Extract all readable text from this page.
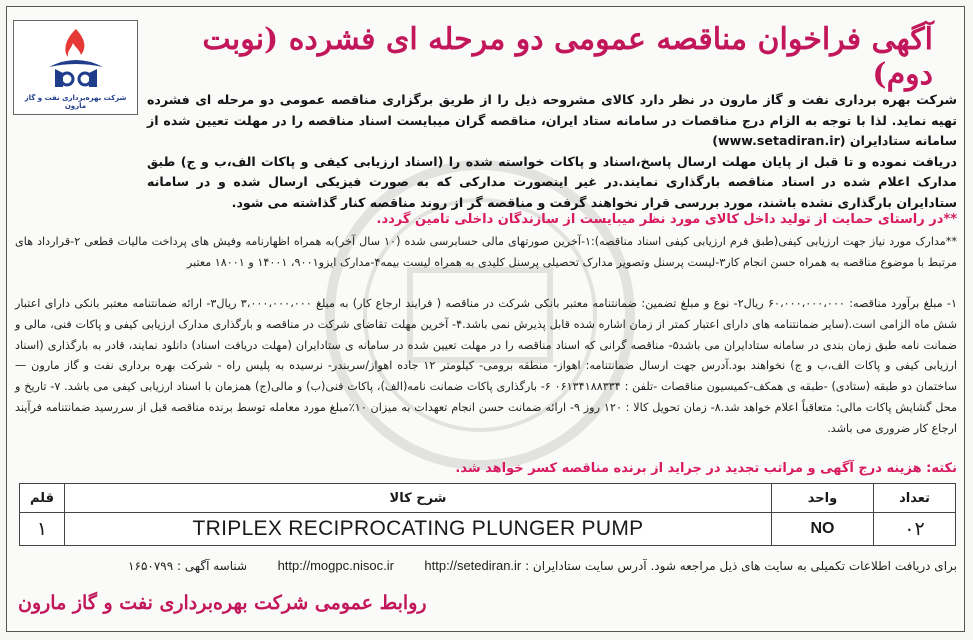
شرکت بهره‌برداری نفت و گاز مارون
آگهی فراخوان مناقصه عمومی دو مرحله ای فشرده (نوبت دوم)
شرکت بهره برداری نفت و گاز مارون در نظر دارد کالای مشروحه ذیل را از طریق برگزاری مناقصه عمومی دو مرحله ای فشرده تهیه نماید. لذا با توجه به الزام درج مناقصات در سامانه ستاد ایران، مناقصه گران میبایست اسناد مناقصه را در مهلت تعیین شده از سامانه ستادایران (www.setadiran.ir)
دریافت نموده و تا قبل از پایان مهلت ارسال پاسخ،اسناد و پاکات خواسته شده را (اسناد ارزیابی کیفی و پاکات الف،ب و ج) طبق مدارک اعلام شده در اسناد مناقصه بارگذاری نمایند.در غیر اینصورت مدارکی که به صورت فیزیکی ارسال شده و در سامانه ستادایران بارگذاری نشده باشند، مورد بررسی قرار نخواهند گرفت و مناقصه گر از روند مناقصه کنار گذاشته می شود.
**در راستای حمایت از تولید داخل کالای مورد نظر میبایست از سازندگان داخلی تامین گردد.
**مدارک مورد نیاز جهت ارزیابی کیفی(طبق فرم ارزیابی کیفی اسناد مناقصه):۱-آخرین صورتهای مالی حسابرسی شده (۱۰ سال آخر)به همراه اظهارنامه وفیش های پرداخت مالیات قطعی ۲-قرارداد های مرتبط با موضوع مناقصه به همراه حسن انجام کار۳-لیست پرسنل وتصویر مدارک تحصیلی پرسنل کلیدی به همراه لیست بیمه۴-مدارک ایزو۹۰۰۱، ۱۴۰۰۱ و ۱۸۰۰۱ معتبر
۱- مبلغ برآورد مناقصه: ۶۰،۰۰۰،۰۰۰،۰۰۰ ریال۲- نوع و مبلغ تضمین: ضمانتنامه معتبر بانکی شرکت در مناقصه ( فرایند ارجاع کار) به مبلغ ۳،۰۰۰،۰۰۰،۰۰۰ ریال۳- ارائه ضمانتنامه معتبر بانکی دارای اعتبار شش ماه الزامی است.(سایر ضمانتنامه های دارای اعتبار کمتر از زمان اشاره شده قابل پذیرش نمی باشد.۴- آخرین مهلت تقاضای شرکت در مناقصه و بارگذاری مدارک ارزیابی کیفی و پاکات فنی، مالی و ضمانت نامه طبق زمان بندی در سامانه ستادایران می باشد۵- مناقصه گرانی که اسناد مناقصه را در مهلت تعیین شده در سامانه ی ستادایران (مهلت دریافت اسناد) دانلود نمایند، قادر به بارگذاری (اسناد ارزیابی کیفی و پاکات الف،ب و ج) نخواهند بود.آدرس جهت ارسال ضمانتنامه: اهواز- منطقه برومی- کیلومتر ۱۲ جاده اهواز/سربندر- نرسیده به پلیس راه - شرکت بهره برداری نفت و گاز مارون — ساختمان دو طبقه (ستادی) -طبقه ی همکف-کمیسیون مناقصات -تلفن : ۰۶۱۳۴۱۸۸۳۳۴ ۶- بارگذاری پاکات ضمانت نامه(الف)، پاکات فنی(ب) و مالی(ج) همزمان با اسناد ارزیابی کیفی می باشد. ۷- تاریخ و محل گشایش پاکات مالی: متعاقباً اعلام خواهد شد.۸- زمان تحویل کالا : ۱۲۰ روز ۹- ارائه ضمانت حسن انجام تعهدات به میزان ۱۰٪مبلغ مورد معامله توسط برنده مناقصه قبل از سررسید ضمانتنامه فرآیند ارجاع کار ضروری می باشد.
نکته: هزینه درج آگهی و مراتب تجدید در جراید از برنده مناقصه کسر خواهد شد.
تعداد	واحد	شرح کالا	قلم
۰۲	NO	TRIPLEX RECIPROCATING PLUNGER PUMP	۱
برای دریافت اطلاعات تکمیلی به سایت های ذیل مراجعه شود. آدرس سایت ستادایران : http://mogpc.nisoc.ir http://setediran.ir        شناسه آگهی : ۱۶۵۰۷۹۹
روابط عمومی شرکت بهره‌برداری نفت و گاز مارون
